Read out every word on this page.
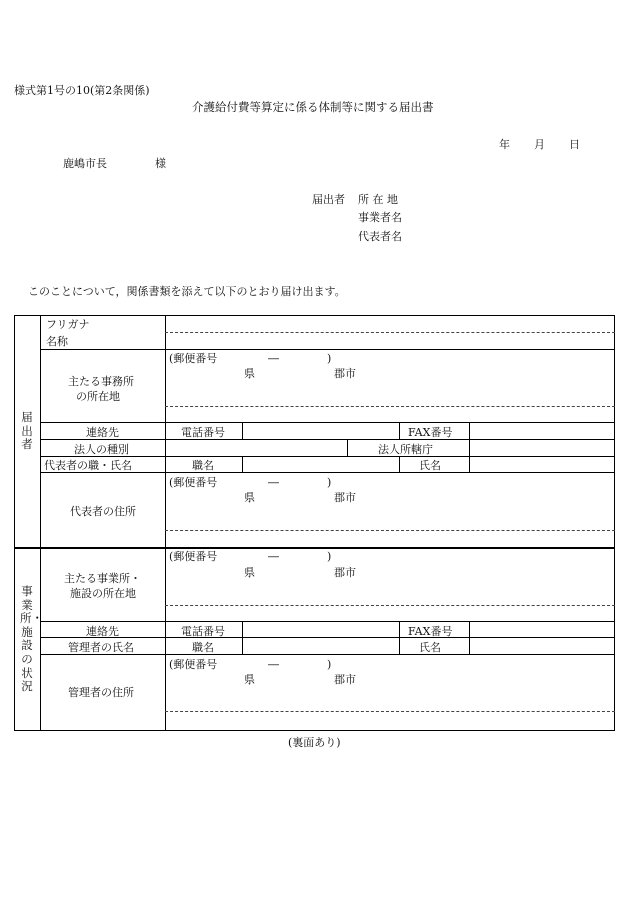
様式第1号の10(第2条関係)
介護給付費等算定に係る体制等に関する届出書
年 月 日
鹿嶋市長	様
届出者 所 在 地
事業者名
代表者名
このことについて，関係書類を添えて以下のとおり届け出ます。
届出者
フリガナ
名称
主たる事務所
の所在地
(郵便番号	―	)
県	郡市
連絡先	電話番号	FAX番号
法人の種別	法人所轄庁
代表者の職・氏名	職名	氏名
代表者の住所
(郵便番号	―	)
県	郡市
事業所・施設の状況
主たる事業所・
施設の所在地
(郵便番号	―	)
県	郡市
連絡先	電話番号	FAX番号
管理者の氏名	職名	氏名
管理者の住所
(郵便番号	―	)
県	郡市
(裏面あり)
